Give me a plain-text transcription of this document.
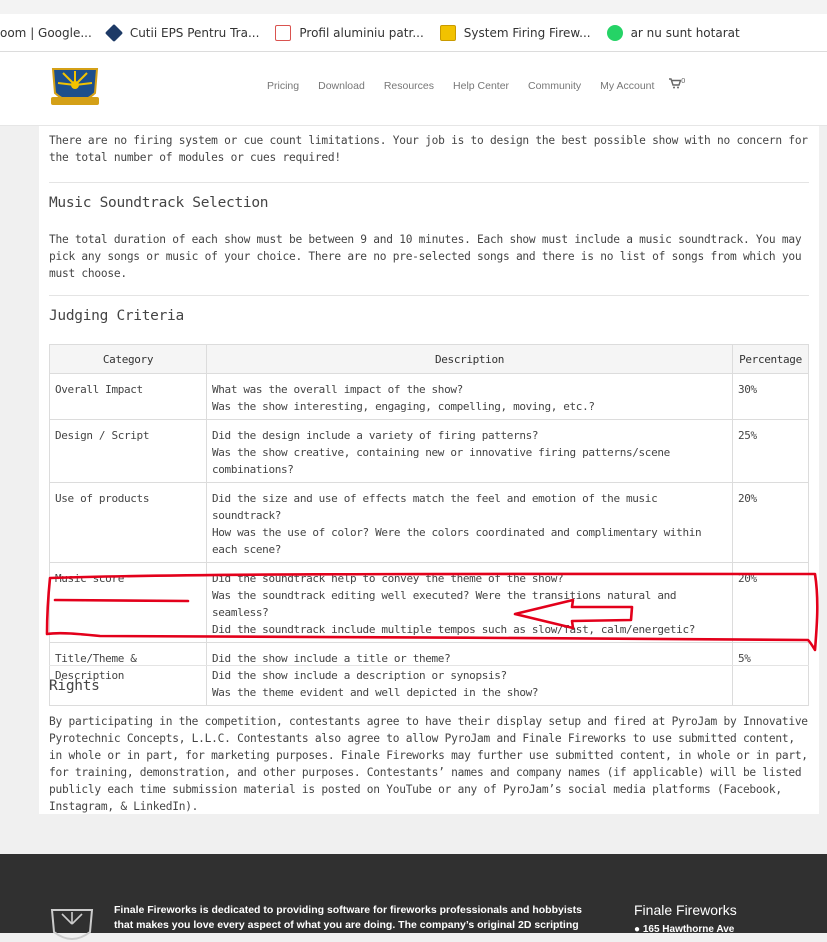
oom | Google...	Cutii EPS Pentru Tra...	Profil aluminiu patr...	System Firing Firew...	ar nu sunt hotarat
Pricing Download Resources Help Center Community My Account	$^0$
There are no firing system or cue count limitations. Your job is to design the best possible show with no concern for the total number of modules or cues required!
Music Soundtrack Selection
The total duration of each show must be between 9 and 10 minutes. Each show must include a music soundtrack. You may pick any songs or music of your choice. There are no pre-selected songs and there is no list of songs from which you must choose.
Judging Criteria
Category	Description	Percentage
Overall Impact	What was the overall impact of the show?
Was the show interesting, engaging, compelling, moving, etc.?	30%
Design / Script	Did the design include a variety of firing patterns?
Was the show creative, containing new or innovative firing patterns/scene combinations?	25%
Use of products	Did the size and use of effects match the feel and emotion of the music soundtrack?
How was the use of color? Were the colors coordinated and complimentary within each scene?	20%
Music score	Did the soundtrack help to convey the theme of the show?
Was the soundtrack editing well executed? Were the transitions natural and seamless?
Did the soundtrack include multiple tempos such as slow/fast, calm/energetic?	20%
Title/Theme & Description	Did the show include a title or theme?
Did the show include a description or synopsis?
Was the theme evident and well depicted in the show?	5%
Rights
By participating in the competition, contestants agree to have their display setup and fired at PyroJam by Innovative Pyrotechnic Concepts, L.L.C. Contestants also agree to allow PyroJam and Finale Fireworks to use submitted content, in whole or in part, for marketing purposes. Finale Fireworks may further use submitted content, in whole or in part, for training, demonstration, and other purposes. Contestants’ names and company names (if applicable) will be listed publicly each time submission material is posted on YouTube or any of PyroJam’s social media platforms (Facebook, Instagram, & LinkedIn).
Finale Fireworks is dedicated to providing software for fireworks professionals and hobbyists that makes you love every aspect of what you are doing. The company’s original 2D scripting
Finale Fireworks
● 165 Hawthorne Ave
